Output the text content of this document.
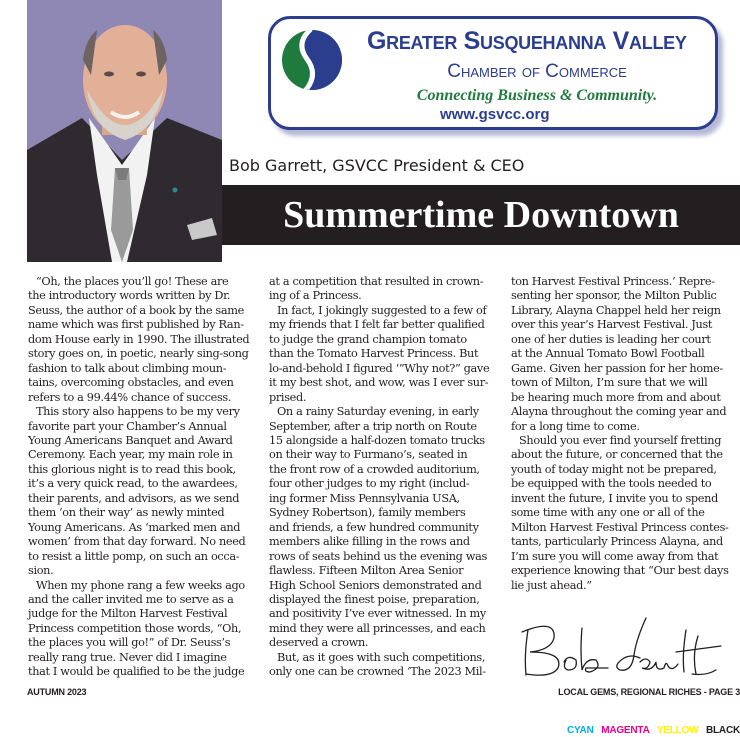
Greater Susquehanna Valley
Chamber of Commerce
Connecting Business & Community.
www.gsvcc.org
Bob Garrett, GSVCC President & CEO
Summertime Downtown
“Oh, the places you’ll go! These are
the introductory words written by Dr.
Seuss, the author of a book by the same
name which was first published by Ran-
dom House early in 1990. The illustrated
story goes on, in poetic, nearly sing-song
fashion to talk about climbing moun-
tains, overcoming obstacles, and even
refers to a 99.44% chance of success.
This story also happens to be my very
favorite part your Chamber’s Annual
Young Americans Banquet and Award
Ceremony. Each year, my main role in
this glorious night is to read this book,
it’s a very quick read, to the awardees,
their parents, and advisors, as we send
them ‘on their way’ as newly minted
Young Americans. As ‘marked men and
women’ from that day forward. No need
to resist a little pomp, on such an occa-
sion.
When my phone rang a few weeks ago
and the caller invited me to serve as a
judge for the Milton Harvest Festival
Princess competition those words, “Oh,
the places you will go!” of Dr. Seuss’s
really rang true. Never did I imagine
that I would be qualified to be the judge
at a competition that resulted in crown-
ing of a Princess.
In fact, I jokingly suggested to a few of
my friends that I felt far better qualified
to judge the grand champion tomato
than the Tomato Harvest Princess. But
lo-and-behold I figured ‘”Why not?” gave
it my best shot, and wow, was I ever sur-
prised.
On a rainy Saturday evening, in early
September, after a trip north on Route
15 alongside a half-dozen tomato trucks
on their way to Furmano’s, seated in
the front row of a crowded auditorium,
four other judges to my right (includ-
ing former Miss Pennsylvania USA,
Sydney Robertson), family members
and friends, a few hundred community
members alike filling in the rows and
rows of seats behind us the evening was
flawless. Fifteen Milton Area Senior
High School Seniors demonstrated and
displayed the finest poise, preparation,
and positivity I’ve ever witnessed. In my
mind they were all princesses, and each
deserved a crown.
But, as it goes with such competitions,
only one can be crowned ‘The 2023 Mil-
ton Harvest Festival Princess.’ Repre-
senting her sponsor, the Milton Public
Library, Alayna Chappel held her reign
over this year’s Harvest Festival. Just
one of her duties is leading her court
at the Annual Tomato Bowl Football
Game. Given her passion for her home-
town of Milton, I’m sure that we will
be hearing much more from and about
Alayna throughout the coming year and
for a long time to come.
Should you ever find yourself fretting
about the future, or concerned that the
youth of today might not be prepared,
be equipped with the tools needed to
invent the future, I invite you to spend
some time with any one or all of the
Milton Harvest Festival Princess contes-
tants, particularly Princess Alayna, and
I’m sure you will come away from that
experience knowing that “Our best days
lie just ahead.”
AUTUMN 2023	LOCAL GEMS, REGIONAL RICHES - PAGE 3
CYAN MAGENTA YELLOW BLACK
